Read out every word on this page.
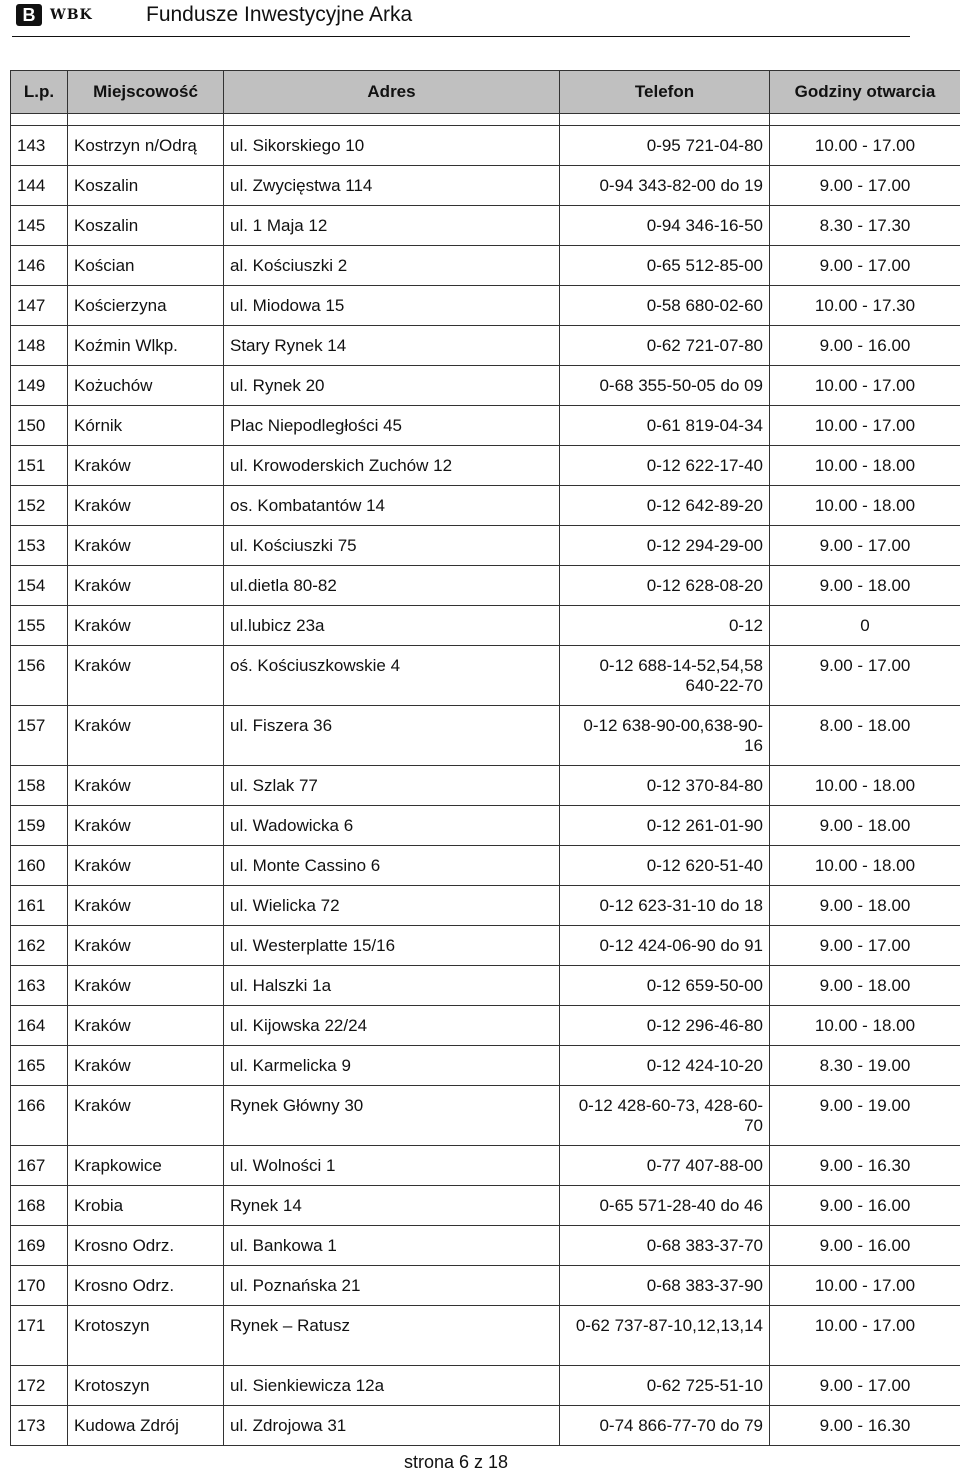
B	WBK	Fundusze Inwestycyjne Arka
L.p.	Miejscowość	Adres	Telefon	Godziny otwarcia

143	Kostrzyn n/Odrą	ul. Sikorskiego 10	0-95 721-04-80	10.00 - 17.00
144	Koszalin	ul. Zwycięstwa 114	0-94 343-82-00 do 19	9.00 - 17.00
145	Koszalin	ul. 1 Maja 12	0-94 346-16-50	8.30 - 17.30
146	Kościan	al. Kościuszki 2	0-65 512-85-00	9.00 - 17.00
147	Kościerzyna	ul. Miodowa 15	0-58 680-02-60	10.00 - 17.30
148	Koźmin Wlkp.	Stary Rynek 14	0-62 721-07-80	9.00 - 16.00
149	Kożuchów	ul. Rynek 20	0-68 355-50-05 do 09	10.00 - 17.00
150	Kórnik	Plac Niepodległości 45	0-61 819-04-34	10.00 - 17.00
151	Kraków	ul. Krowoderskich Zuchów 12	0-12 622-17-40	10.00 - 18.00
152	Kraków	os. Kombatantów 14	0-12 642-89-20	10.00 - 18.00
153	Kraków	ul. Kościuszki 75	0-12 294-29-00	9.00 - 17.00
154	Kraków	ul.dietla 80-82	0-12 628-08-20	9.00 - 18.00
155	Kraków	ul.lubicz 23a	0-12	0
156	Kraków	oś. Kościuszkowskie 4	0-12 688-14-52,54,58 640-22-70	9.00 - 17.00
157	Kraków	ul. Fiszera 36	0-12 638-90-00,638-90-16	8.00 - 18.00
158	Kraków	ul. Szlak 77	0-12 370-84-80	10.00 - 18.00
159	Kraków	ul. Wadowicka 6	0-12 261-01-90	9.00 - 18.00
160	Kraków	ul. Monte Cassino 6	0-12 620-51-40	10.00 - 18.00
161	Kraków	ul. Wielicka 72	0-12 623-31-10 do 18	9.00 - 18.00
162	Kraków	ul. Westerplatte 15/16	0-12 424-06-90 do 91	9.00 - 17.00
163	Kraków	ul. Halszki 1a	0-12 659-50-00	9.00 - 18.00
164	Kraków	ul. Kijowska 22/24	0-12 296-46-80	10.00 - 18.00
165	Kraków	ul. Karmelicka 9	0-12 424-10-20	8.30 - 19.00
166	Kraków	Rynek Główny 30	0-12 428-60-73, 428-60-70	9.00 - 19.00
167	Krapkowice	ul. Wolności 1	0-77 407-88-00	9.00 - 16.30
168	Krobia	Rynek 14	0-65 571-28-40 do 46	9.00 - 16.00
169	Krosno Odrz.	ul. Bankowa 1	0-68 383-37-70	9.00 - 16.00
170	Krosno Odrz.	ul. Poznańska 21	0-68 383-37-90	10.00 - 17.00
171	Krotoszyn	Rynek – Ratusz	0-62 737-87-10,12,13,14	10.00 - 17.00
172	Krotoszyn	ul. Sienkiewicza 12a	0-62 725-51-10	9.00 - 17.00
173	Kudowa Zdrój	ul. Zdrojowa 31	0-74 866-77-70 do 79	9.00 - 16.30
strona 6 z 18
